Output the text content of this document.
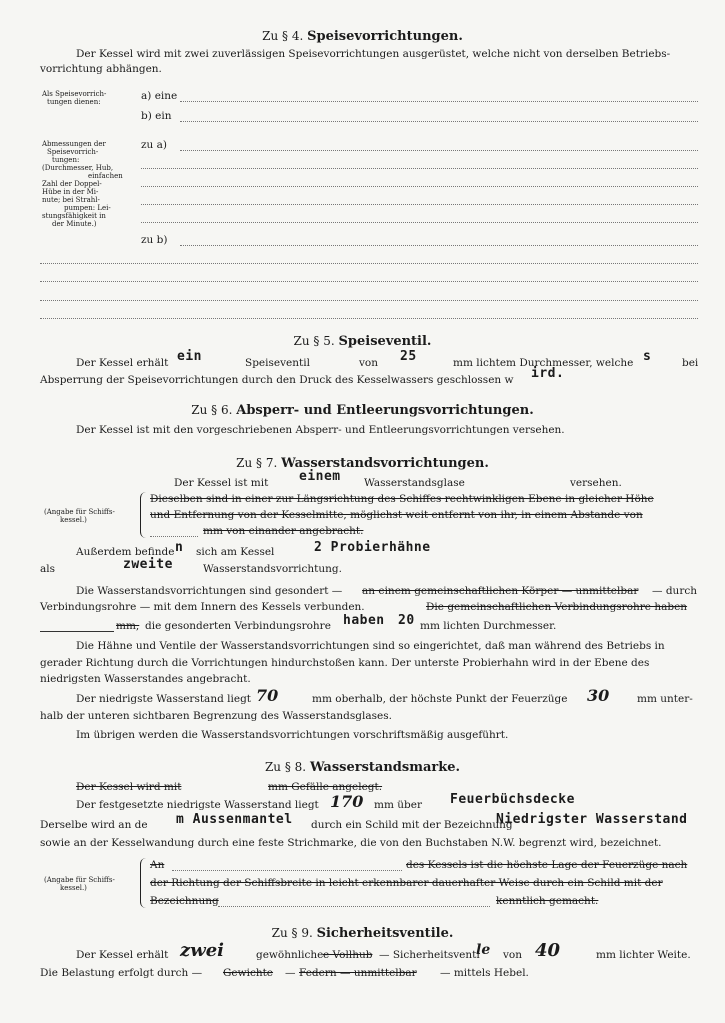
Zu § 4. Speisevorrichtungen.
Der Kessel wird mit zwei zuverlässigen Speisevorrichtungen ausgerüstet, welche nicht von derselben Betriebs-
vorrichtung abhängen.
Als Speisevorrich-
tungen dienen:	a) eine
b) ein
Abmessungen der
Speisevorrich-
tungen:
(Durchmesser, Hub,
einfachen
Zahl der Doppel-
Hübe in der Mi-
nute; bei Strahl-
pumpen: Lei-
stungsfähigkeit in
der Minute.)
zu a)
zu b)
Zu § 5. Speiseventil.
Der Kessel erhält ein	Speiseventil	von 25	mm lichtem Durchmesser, welche s	bei
Absperrung der Speisevorrichtungen durch den Druck des Kesselwassers geschlossen w ird.
Zu § 6. Absperr- und Entleerungsvorrichtungen.
Der Kessel ist mit den vorgeschriebenen Absperr- und Entleerungsvorrichtungen versehen.
Zu § 7. Wasserstandsvorrichtungen.
Der Kessel ist mit einem Wasserstandsglase	versehen.
(Angabe für Schiffs-
kessel.)
Dieselben sind in einer zur Längsrichtung des Schiffes rechtwinkligen Ebene in gleicher Höhe
und Entfernung von der Kesselmitte, möglichst weit entfernt von ihr, in einem Abstande von
mm von einander angebracht.
Außerdem befinde n sich am Kessel	2 Probierhähne
als	zweite	Wasserstandsvorrichtung.
Die Wasserstandsvorrichtungen sind gesondert — an einem gemeinschaftlichen Körper — unmittelbar — durch
Verbindungsrohre — mit dem Innern des Kessels verbunden.	Die gemeinschaftlichen Verbindungsrohre haben
mm, die gesonderten Verbindungsrohre haben 20 mm lichten Durchmesser.
Die Hähne und Ventile der Wasserstandsvorrichtungen sind so eingerichtet, daß man während des Betriebs in
gerader Richtung durch die Vorrichtungen hindurchstoßen kann. Der unterste Probierhahn wird in der Ebene des
niedrigsten Wasserstandes angebracht.
Der niedrigste Wasserstand liegt 70	mm oberhalb, der höchste Punkt der Feuerzüge 30	mm unter-
halb der unteren sichtbaren Begrenzung des Wasserstandsglases.
Im übrigen werden die Wasserstandsvorrichtungen vorschriftsmäßig ausgeführt.
Zu § 8. Wasserstandsmarke.
Der Kessel wird mit	mm Gefälle angelegt.
Der festgesetzte niedrigste Wasserstand liegt 170 mm über Feuerbüchsdecke
Derselbe wird an de m Aussenmantel durch ein Schild mit der Bezeichnung
Niedrigster Wasserstand
sowie an der Kesselwandung durch eine feste Strichmarke, die von den Buchstaben N.W. begrenzt wird, bezeichnet.
(Angabe für Schiffs-
kessel.)
An	des Kessels ist die höchste Lage der Feuerzüge nach
der Richtung der Schiffsbreite in leicht erkennbarer dauerhafter Weise durch ein Schild mit der
Bezeichnung	kenntlich gemacht.
Zu § 9. Sicherheitsventile.
Der Kessel erhält zwei	gewöhnliche e Vollhub — Sicherheitsventi
le von 40	mm lichter Weite.
Die Belastung erfolgt durch — Gewichte — Federn — unmittelbar — mittels Hebel.
